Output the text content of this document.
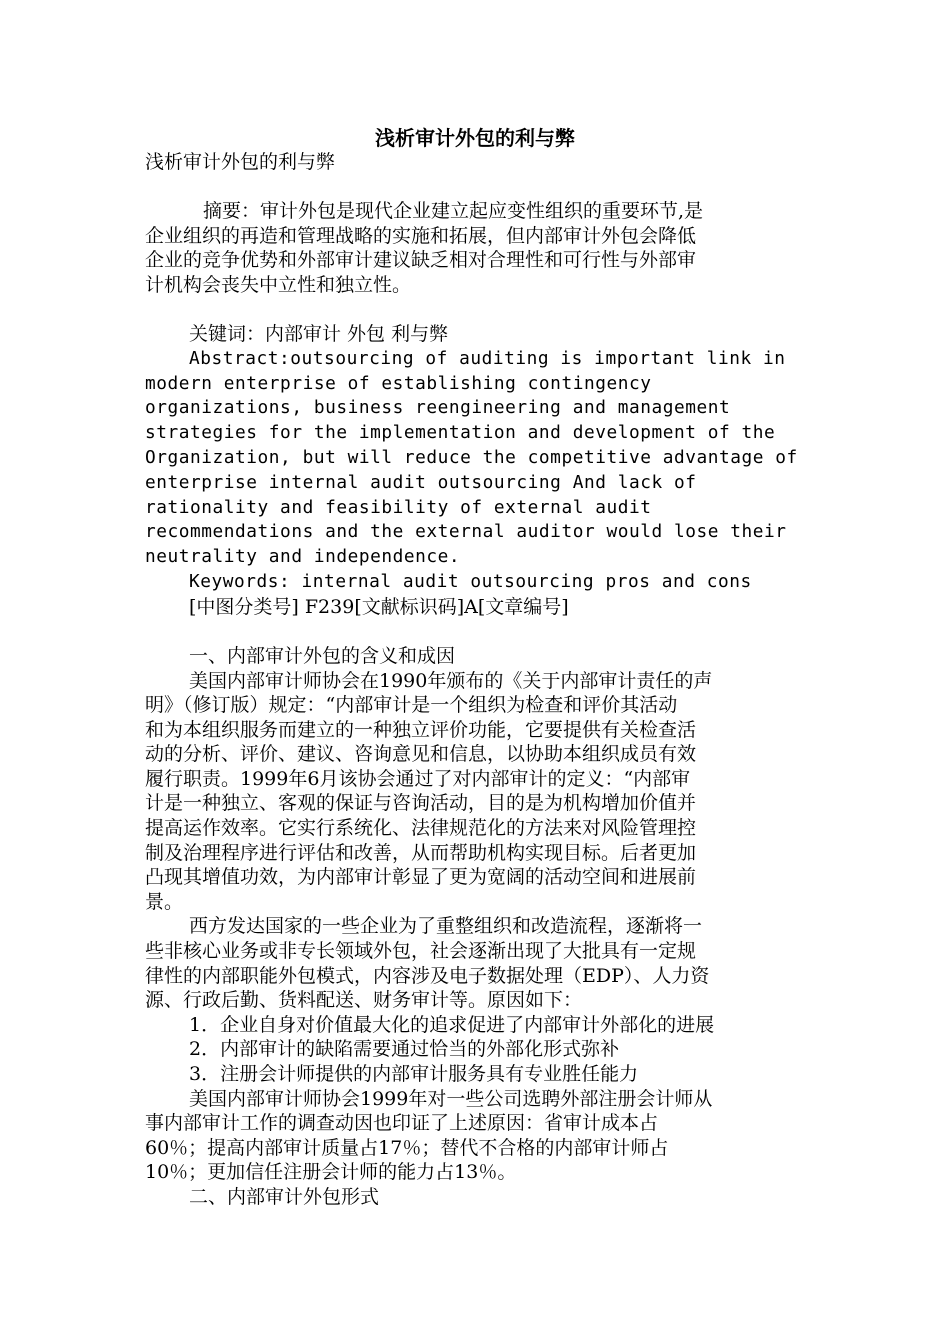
浅析审计外包的利与弊
浅析审计外包的利与弊
摘要：审计外包是现代企业建立起应变性组织的重要环节,是
企业组织的再造和管理战略的实施和拓展，但内部审计外包会降低
企业的竞争优势和外部审计建议缺乏相对合理性和可行性与外部审
计机构会丧失中立性和独立性。
关键词：内部审计 外包 利与弊
Abstract:outsourcing of auditing is important link in
modern enterprise of establishing contingency
organizations, business reengineering and management
strategies for the implementation and development of the
Organization, but will reduce the competitive advantage of
enterprise internal audit outsourcing And lack of
rationality and feasibility of external audit
recommendations and the external auditor would lose their
neutrality and independence.
Keywords: internal audit outsourcing pros and cons
[中图分类号] F239[文献标识码]A[文章编号]
一、内部审计外包的含义和成因
美国内部审计师协会在1990年颁布的《关于内部审计责任的声
明》（修订版）规定：“内部审计是一个组织为检查和评价其活动
和为本组织服务而建立的一种独立评价功能，它要提供有关检查活
动的分析、评价、建议、咨询意见和信息，以协助本组织成员有效
履行职责。1999年6月该协会通过了对内部审计的定义：“内部审
计是一种独立、客观的保证与咨询活动，目的是为机构增加价值并
提高运作效率。它实行系统化、法律规范化的方法来对风险管理控
制及治理程序进行评估和改善，从而帮助机构实现目标。后者更加
凸现其增值功效，为内部审计彰显了更为宽阔的活动空间和进展前
景。
西方发达国家的一些企业为了重整组织和改造流程，逐渐将一
些非核心业务或非专长领域外包，社会逐渐出现了大批具有一定规
律性的内部职能外包模式，内容涉及电子数据处理（EDP）、人力资
源、行政后勤、货料配送、财务审计等。原因如下：
1．企业自身对价值最大化的追求促进了内部审计外部化的进展
2．内部审计的缺陷需要通过恰当的外部化形式弥补
3．注册会计师提供的内部审计服务具有专业胜任能力
美国内部审计师协会1999年对一些公司选聘外部注册会计师从
事内部审计工作的调查动因也印证了上述原因：省审计成本占
60％；提高内部审计质量占17％；替代不合格的内部审计师占
10％；更加信任注册会计师的能力占13％。
二、内部审计外包形式
